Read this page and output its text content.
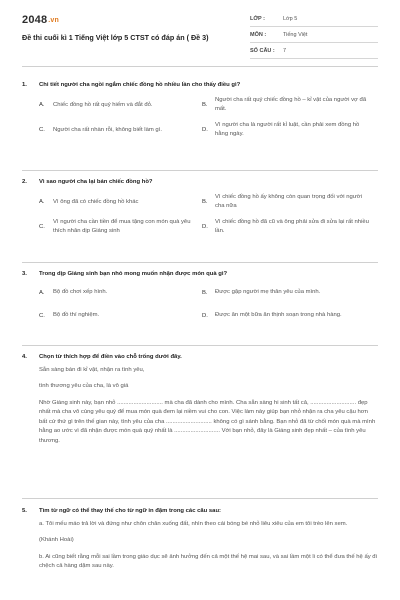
2048.vn
Đề thi cuối kì 1 Tiếng Việt lớp 5 CTST có đáp án ( Đề 3)
LỚP :	Lớp 5
MÔN :	Tiếng Việt
SỐ CÂU :	7
1.	Chi tiết người cha ngồi ngắm chiếc đồng hồ nhiều lần cho thấy điều gì?
A.	Chiếc đồng hồ rất quý hiếm và đắt đỏ.	B.
Người cha rất quý chiếc đồng hồ – kỉ vật của người vợ đã mất.
C.	Người cha rất nhàn rỗi, không biết làm gì.	D.
Vì người cha là người rất kỉ luật, cần phải xem đồng hồ hằng ngày.
2.	Vì sao người cha lại bán chiếc đồng hồ?
A.	Vì ông đã có chiếc đồng hồ khác	B.
Vì chiếc đồng hồ ấy không còn quan trọng đối với người cha nữa
C.
Vì người cha cần tiền để mua tặng con món quà yêu thích nhân dịp Giáng sinh
D.
Vì chiếc đồng hồ đã cũ và ông phải sửa đi sửa lại rất nhiều lần.
3.	Trong dịp Giáng sinh bạn nhỏ mong muốn nhận được món quà gì?
A.	Bộ đồ chơi xếp hình.	B.	Được gặp người mẹ thân yêu của mình.
C.	Bộ đồ thí nghiệm.	D.	Được ăn một bữa ăn thịnh soạn trong nhà hàng.
4.	Chọn từ thích hợp để điền vào chỗ trống dưới đây.

Sẵn sàng bán đi kỉ vật, nhận ra tình yêu,

tình thương yêu của cha, là vô giá

Nhờ Giáng sinh này, bạn nhỏ ............................ mà cha đã dành cho mình. Cha sẵn sàng hi sinh tất cả, ............................ đẹp nhất mà cha vô cùng yêu quý để mua món quà đem lại niềm vui cho con. Việc làm này giúp bạn nhỏ nhận ra cha yêu cậu hơn bất cứ thứ gì trên thế gian này, tình yêu của cha ............................ không có gì sánh bằng. Bạn nhỏ đã từ chối món quà mà mình hằng ao ước vì đã nhận được món quà quý nhất là ............................ Với bạn nhỏ, đây là Giáng sinh đẹp nhất – của tình yêu thương.

5.	Tìm từ ngữ có thể thay thế cho từ ngữ in đậm trong các câu sau:

a. Tôi mếu máo trả lời và đứng như chôn chân xuống đất, nhìn theo cái bóng bé nhỏ liêu xiêu của em tôi trèo lên xem.

(Khánh Hoài)

b. Ai cũng biết rằng mỗi sai lầm trong giáo dục sẽ ảnh hưởng đến cả một thế hệ mai sau, và sai lầm một li có thể đưa thế hệ ấy đi chệch cả hàng dặm sau này.
